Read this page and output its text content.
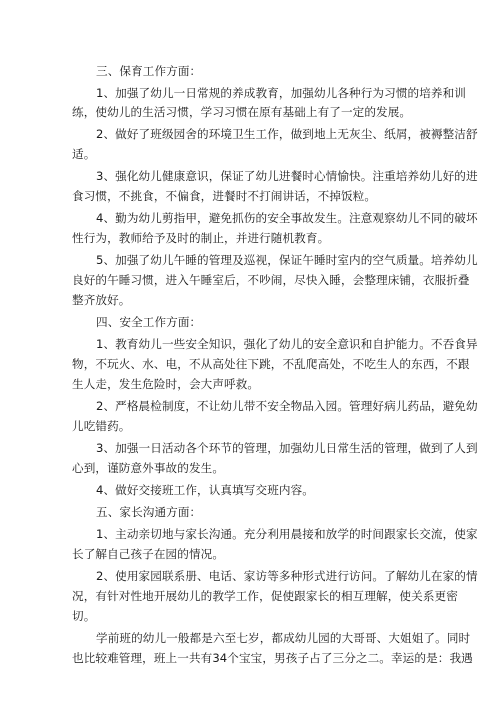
三、保育工作方面：
1、加强了幼儿一日常规的养成教育，加强幼儿各种行为习惯的培养和训
练，使幼儿的生活习惯，学习习惯在原有基础上有了一定的发展。
2、做好了班级园舍的环境卫生工作，做到地上无灰尘、纸屑，被褥整洁舒
适。
3、强化幼儿健康意识，保证了幼儿进餐时心情愉快。注重培养幼儿好的进
食习惯，不挑食，不偏食，进餐时不打闹讲话，不掉饭粒。
4、勤为幼儿剪指甲，避免抓伤的安全事故发生。注意观察幼儿不同的破坏
性行为，教师给予及时的制止，并进行随机教育。
5、加强了幼儿午睡的管理及巡视，保证午睡时室内的空气质量。培养幼儿
良好的午睡习惯，进入午睡室后，不吵闹，尽快入睡，会整理床铺，衣服折叠
整齐放好。
四、安全工作方面：
1、教育幼儿一些安全知识，强化了幼儿的安全意识和自护能力。不吞食异
物，不玩火、水、电，不从高处往下跳，不乱爬高处，不吃生人的东西，不跟
生人走，发生危险时，会大声呼救。
2、严格晨检制度，不让幼儿带不安全物品入园。管理好病儿药品，避免幼
儿吃错药。
3、加强一日活动各个环节的管理，加强幼儿日常生活的管理，做到了人到
心到，谨防意外事故的发生。
4、做好交接班工作，认真填写交班内容。
五、家长沟通方面：
1、主动亲切地与家长沟通。充分利用晨接和放学的时间跟家长交流，使家
长了解自己孩子在园的情况。
2、使用家园联系册、电话、家访等多种形式进行访问。了解幼儿在家的情
况，有针对性地开展幼儿的教学工作，促使跟家长的相互理解，使关系更密
切。
学前班的幼儿一般都是六至七岁，都成幼儿园的大哥哥、大姐姐了。同时
也比较难管理，班上一共有34个宝宝，男孩子占了三分之二。幸运的是：我遇
